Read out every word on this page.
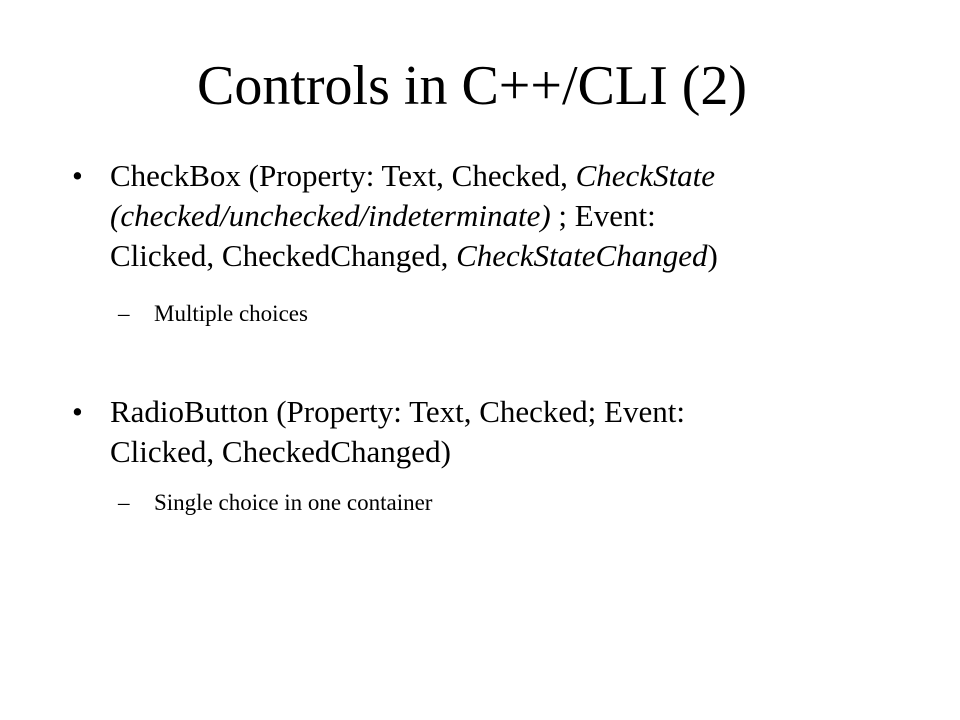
Controls in C++/CLI (2)
• CheckBox (Property: Text, Checked, CheckState
(checked/unchecked/indeterminate) ; Event:
Clicked, CheckedChanged, CheckStateChanged)
– Multiple choices
• RadioButton (Property: Text, Checked; Event:
Clicked, CheckedChanged)
– Single choice in one container
